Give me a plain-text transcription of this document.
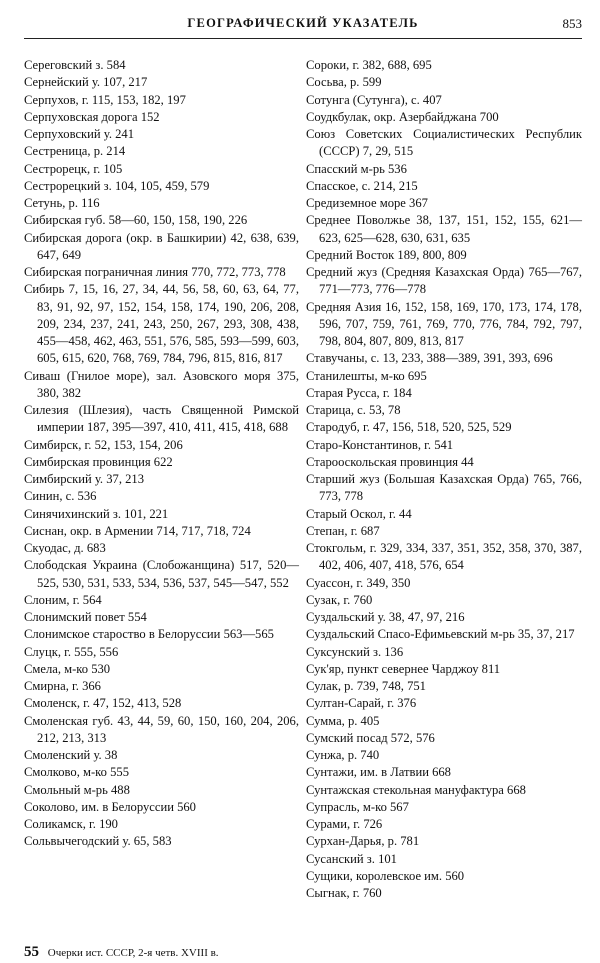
ГЕОГРАФИЧЕСКИЙ УКАЗАТЕЛЬ	853

Сереговский з. 584

Сернейский у. 107, 217

Серпухов, г. 115, 153, 182, 197

Серпуховская дорога 152

Серпуховский у. 241

Сестреница, р. 214

Сестрорецк, г. 105

Сестрорецкий з. 104, 105, 459, 579

Сетунь, р. 116

Сибирская губ. 58—60, 150, 158, 190, 226

Сибирская дорога (окр. в Башкирии) 42, 638, 639, 647, 649

Сибирская пограничная линия 770, 772, 773, 778

Сибирь 7, 15, 16, 27, 34, 44, 56, 58, 60, 63, 64, 77, 83, 91, 92, 97, 152, 154, 158, 174, 190, 206, 208, 209, 234, 237, 241, 243, 250, 267, 293, 308, 438, 455—458, 462, 463, 551, 576, 585, 593—599, 603, 605, 615, 620, 768, 769, 784, 796, 815, 816, 817

Сиваш (Гнилое море), зал. Азовского моря 375, 380, 382

Силезия (Шлезия), часть Священной Римской империи 187, 395—397, 410, 411, 415, 418, 688

Симбирск, г. 52, 153, 154, 206

Симбирская провинция 622

Симбирский у. 37, 213

Синин, с. 536

Синячихинский з. 101, 221

Сиснан, окр. в Армении 714, 717, 718, 724

Скуодас, д. 683

Слободская Украина (Слобожанщина) 517, 520—525, 530, 531, 533, 534, 536, 537, 545—547, 552

Слоним, г. 564

Слонимский повет 554

Слонимское староство в Белоруссии 563—565

Слуцк, г. 555, 556

Смела, м-ко 530

Смирна, г. 366

Смоленск, г. 47, 152, 413, 528

Смоленская губ. 43, 44, 59, 60, 150, 160, 204, 206, 212, 213, 313

Смоленский у. 38

Смолково, м-ко 555

Смольный м-рь 488

Соколово, им. в Белоруссии 560

Соликамск, г. 190

Сольвычегодский у. 65, 583

Сороки, г. 382, 688, 695

Сосьва, р. 599

Сотунга (Сутунга), с. 407

Соудкбулак, окр. Азербайджана 700

Союз Советских Социалистических Республик (СССР) 7, 29, 515

Спасский м-рь 536

Спасское, с. 214, 215

Средиземное море 367

Среднее Поволжье 38, 137, 151, 152, 155, 621—623, 625—628, 630, 631, 635

Средний Восток 189, 800, 809

Средний жуз (Средняя Казахская Орда) 765—767, 771—773, 776—778

Средняя Азия 16, 152, 158, 169, 170, 173, 174, 178, 596, 707, 759, 761, 769, 770, 776, 784, 792, 797, 798, 804, 807, 809, 813, 817

Ставучаны, с. 13, 233, 388—389, 391, 393, 696

Станилешты, м-ко 695

Старая Русса, г. 184

Старица, с. 53, 78

Стародуб, г. 47, 156, 518, 520, 525, 529

Старо-Константинов, г. 541

Старооскольская провинция 44

Старший жуз (Большая Казахская Орда) 765, 766, 773, 778

Старый Оскол, г. 44

Степан, г. 687

Стокгольм, г. 329, 334, 337, 351, 352, 358, 370, 387, 402, 406, 407, 418, 576, 654

Суассон, г. 349, 350

Сузак, г. 760

Суздальский у. 38, 47, 97, 216

Суздальский Спасо-Ефимьевский м-рь 35, 37, 217

Суксунский з. 136

Сук'яр, пункт севернее Чарджоу 811

Сулак, р. 739, 748, 751

Султан-Сарай, г. 376

Сумма, р. 405

Сумский посад 572, 576

Сунжа, р. 740

Сунтажи, им. в Латвии 668

Сунтажская стекольная мануфактура 668

Супрасль, м-ко 567

Сурами, г. 726

Сурхан-Дарья, р. 781

Сусанский з. 101

Сущики, королевское им. 560

Сыгнак, г. 760

55 Очерки ист. СССР, 2-я четв. XVIII в.
